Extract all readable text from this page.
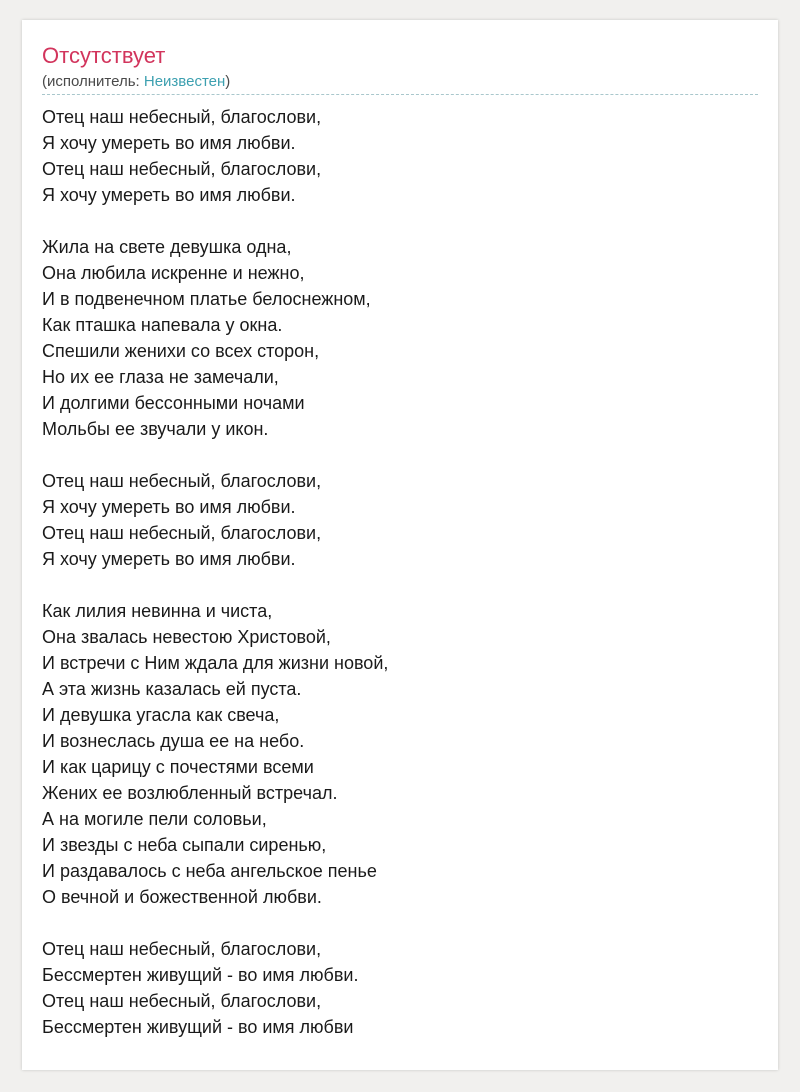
Отсутствует
(исполнитель: Неизвестен)
Отец наш небесный, благослови,
Я хочу умереть во имя любви.
Отец наш небесный, благослови,
Я хочу умереть во имя любви.
Жила на свете девушка одна,
Она любила искренне и нежно,
И в подвенечном платье белоснежном,
Как пташка напевала у окна.
Спешили женихи со всех сторон,
Но их ее глаза не замечали,
И долгими бессонными ночами
Мольбы ее звучали у икон.
Отец наш небесный, благослови,
Я хочу умереть во имя любви.
Отец наш небесный, благослови,
Я хочу умереть во имя любви.
Как лилия невинна и чиста,
Она звалась невестою Христовой,
И встречи с Ним ждала для жизни новой,
А эта жизнь казалась ей пуста.
И девушка угасла как свеча,
И вознеслась душа ее на небо.
И как царицу с почестями всеми
Жених ее возлюбленный встречал.
А на могиле пели соловьи,
И звезды с неба сыпали сиренью,
И раздавалось с неба ангельское пенье
О вечной и божественной любви.
Отец наш небесный, благослови,
Бессмертен живущий - во имя любви.
Отец наш небесный, благослови,
Бессмертен живущий - во имя любви
